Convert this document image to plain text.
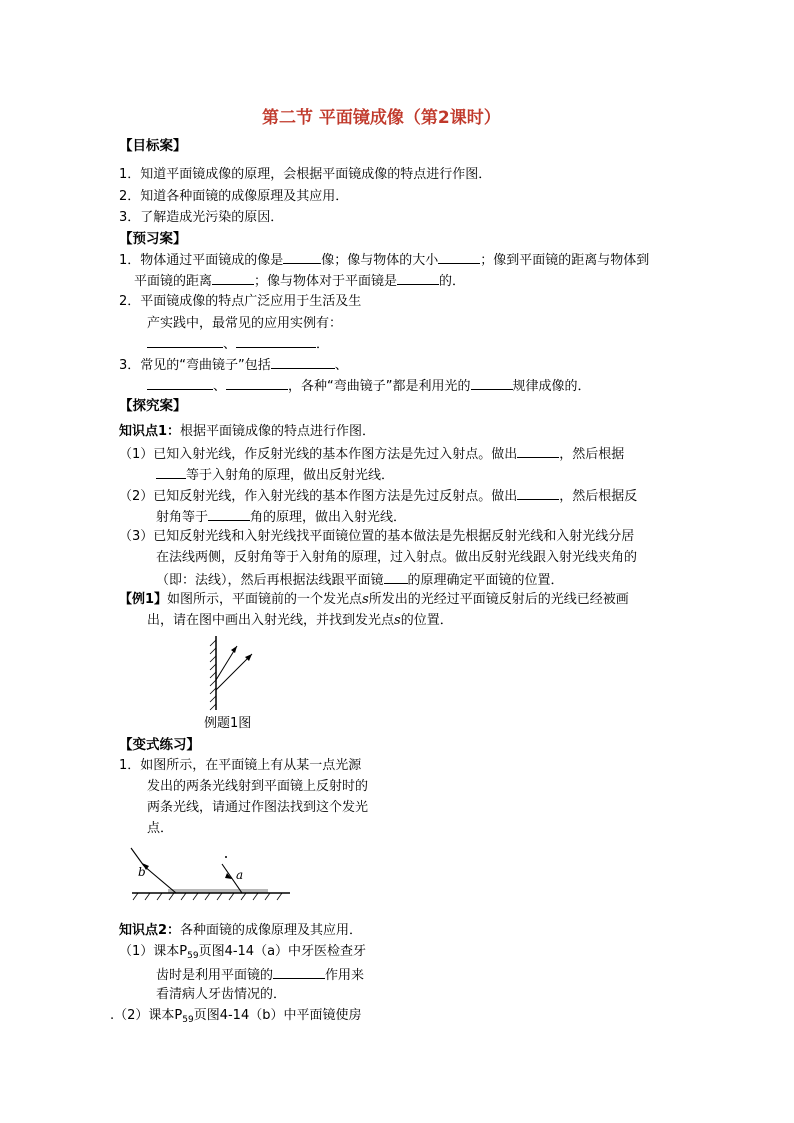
第二节 平面镜成像（第2课时）
【目标案】
1．知道平面镜成像的原理，会根据平面镜成像的特点进行作图．
2．知道各种面镜的成像原理及其应用．
3．了解造成光污染的原因．
【预习案】
1．物体通过平面镜成的像是	像；像与物体的大小	；像到平面镜的距离与物体到
平面镜的距离	；像与物体对于平面镜是	的．
2．平面镜成像的特点广泛应用于生活及生
产实践中，最常见的应用实例有：
、	．
3．常见的“弯曲镜子”包括	、
、	，各种“弯曲镜子”都是利用光的	规律成像的．
【探究案】
知识点1：根据平面镜成像的特点进行作图．
（1）已知入射光线，作反射光线的基本作图方法是先过入射点。做出	，然后根据
等于入射角的原理，做出反射光线．
（2）已知反射光线，作入射光线的基本作图方法是先过反射点。做出	，然后根据反
射角等于	角的原理，做出入射光线．
（3）已知反射光线和入射光线找平面镜位置的基本做法是先根据反射光线和入射光线分居
在法线两侧，反射角等于入射角的原理，过入射点。做出反射光线跟入射光线夹角的
（即：法线），然后再根据法线跟平面镜 的原理确定平面镜的位置．
【例1】如图所示，平面镜前的一个发光点s所发出的光经过平面镜反射后的光线已经被画
出，请在图中画出入射光线，并找到发光点s的位置．
例题1图
【变式练习】
1．如图所示，在平面镜上有从某一点光源
发出的两条光线射到平面镜上反射时的
两条光线，请通过作图法找到这个发光
点．
b	a
知识点2：各种面镜的成像原理及其应用．
（1）课本$P_{59}$页图4-14（a）中牙医检查牙
齿时是利用平面镜的	作用来
看清病人牙齿情况的．
.（2）课本$P_{59}$页图4-14（b）中平面镜使房
